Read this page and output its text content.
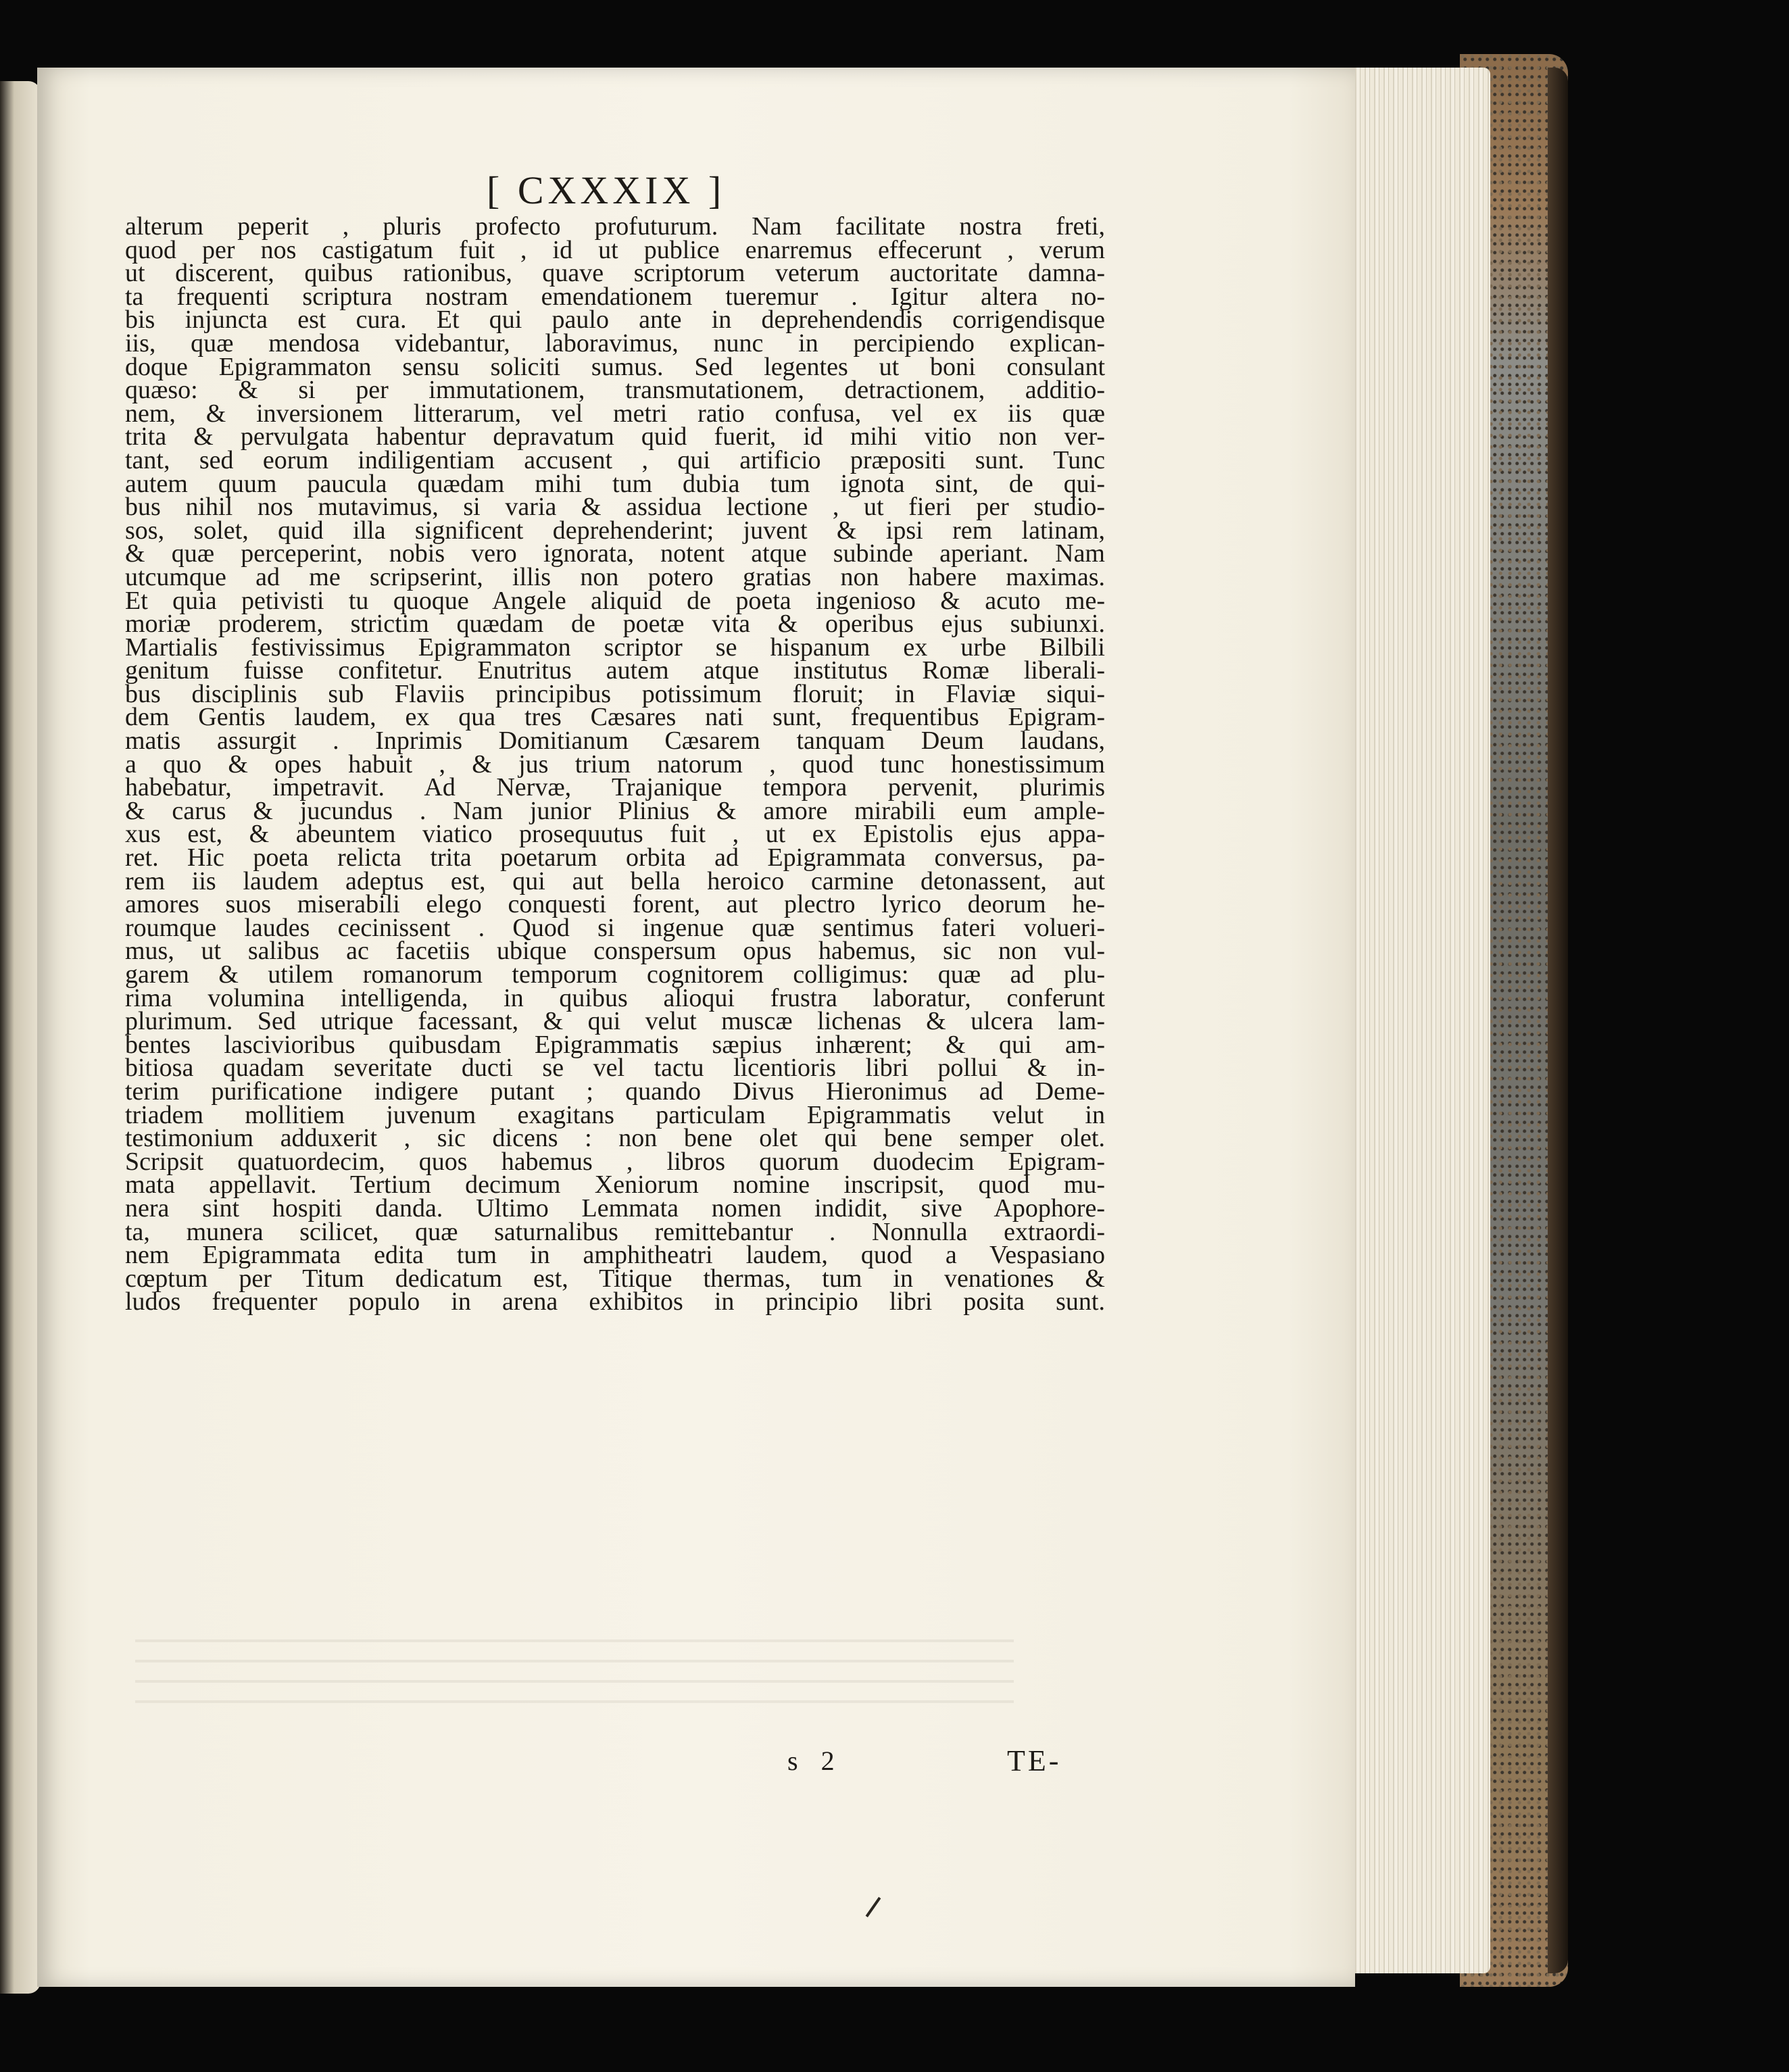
[ CXXXIX ]
alterum peperit , pluris profecto profuturum. Nam facilitate nostra freti,
quod per nos castigatum fuit , id ut publice enarremus effecerunt , verum
ut discerent, quibus rationibus, quave scriptorum veterum auctoritate damna-
ta frequenti scriptura nostram emendationem tueremur . Igitur altera no-
bis injuncta est cura. Et qui paulo ante in deprehendendis corrigendisque
iis, quæ mendosa videbantur, laboravimus, nunc in percipiendo explican-
doque Epigrammaton sensu soliciti sumus. Sed legentes ut boni consulant
quæso: & si per immutationem, transmutationem, detractionem, additio-
nem, & inversionem litterarum, vel metri ratio confusa, vel ex iis quæ
trita & pervulgata habentur depravatum quid fuerit, id mihi vitio non ver-
tant, sed eorum indiligentiam accusent , qui artificio præpositi sunt. Tunc
autem quum paucula quædam mihi tum dubia tum ignota sint, de qui-
bus nihil nos mutavimus, si varia & assidua lectione , ut fieri per studio-
sos, solet, quid illa significent deprehenderint; juvent & ipsi rem latinam,
& quæ perceperint, nobis vero ignorata, notent atque subinde aperiant. Nam
utcumque ad me scripserint, illis non potero gratias non habere maximas.
Et quia petivisti tu quoque Angele aliquid de poeta ingenioso & acuto me-
moriæ proderem, strictim quædam de poetæ vita & operibus ejus subiunxi.
Martialis festivissimus Epigrammaton scriptor se hispanum ex urbe Bilbili
genitum fuisse confitetur. Enutritus autem atque institutus Romæ liberali-
bus disciplinis sub Flaviis principibus potissimum floruit; in Flaviæ siqui-
dem Gentis laudem, ex qua tres Cæsares nati sunt, frequentibus Epigram-
matis assurgit . Inprimis Domitianum Cæsarem tanquam Deum laudans,
a quo & opes habuit , & jus trium natorum , quod tunc honestissimum
habebatur, impetravit. Ad Nervæ, Trajanique tempora pervenit, plurimis
& carus & jucundus . Nam junior Plinius & amore mirabili eum ample-
xus est, & abeuntem viatico prosequutus fuit , ut ex Epistolis ejus appa-
ret. Hic poeta relicta trita poetarum orbita ad Epigrammata conversus, pa-
rem iis laudem adeptus est, qui aut bella heroico carmine detonassent, aut
amores suos miserabili elego conquesti forent, aut plectro lyrico deorum he-
roumque laudes cecinissent . Quod si ingenue quæ sentimus fateri volueri-
mus, ut salibus ac facetiis ubique conspersum opus habemus, sic non vul-
garem & utilem romanorum temporum cognitorem colligimus: quæ ad plu-
rima volumina intelligenda, in quibus alioqui frustra laboratur, conferunt
plurimum. Sed utrique facessant, & qui velut muscæ lichenas & ulcera lam-
bentes lascivioribus quibusdam Epigrammatis sæpius inhærent; & qui am-
bitiosa quadam severitate ducti se vel tactu licentioris libri pollui & in-
terim purificatione indigere putant ; quando Divus Hieronimus ad Deme-
triadem mollitiem juvenum exagitans particulam Epigrammatis velut in
testimonium adduxerit , sic dicens : non bene olet qui bene semper olet.
Scripsit quatuordecim, quos habemus , libros quorum duodecim Epigram-
mata appellavit. Tertium decimum Xeniorum nomine inscripsit, quod mu-
nera sint hospiti danda. Ultimo Lemmata nomen indidit, sive Apophore-
ta, munera scilicet, quæ saturnalibus remittebantur . Nonnulla extraordi-
nem Epigrammata edita tum in amphitheatri laudem, quod a Vespasiano
cœptum per Titum dedicatum est, Titique thermas, tum in venationes &
ludos frequenter populo in arena exhibitos in principio libri posita sunt.
s 2	TE-
